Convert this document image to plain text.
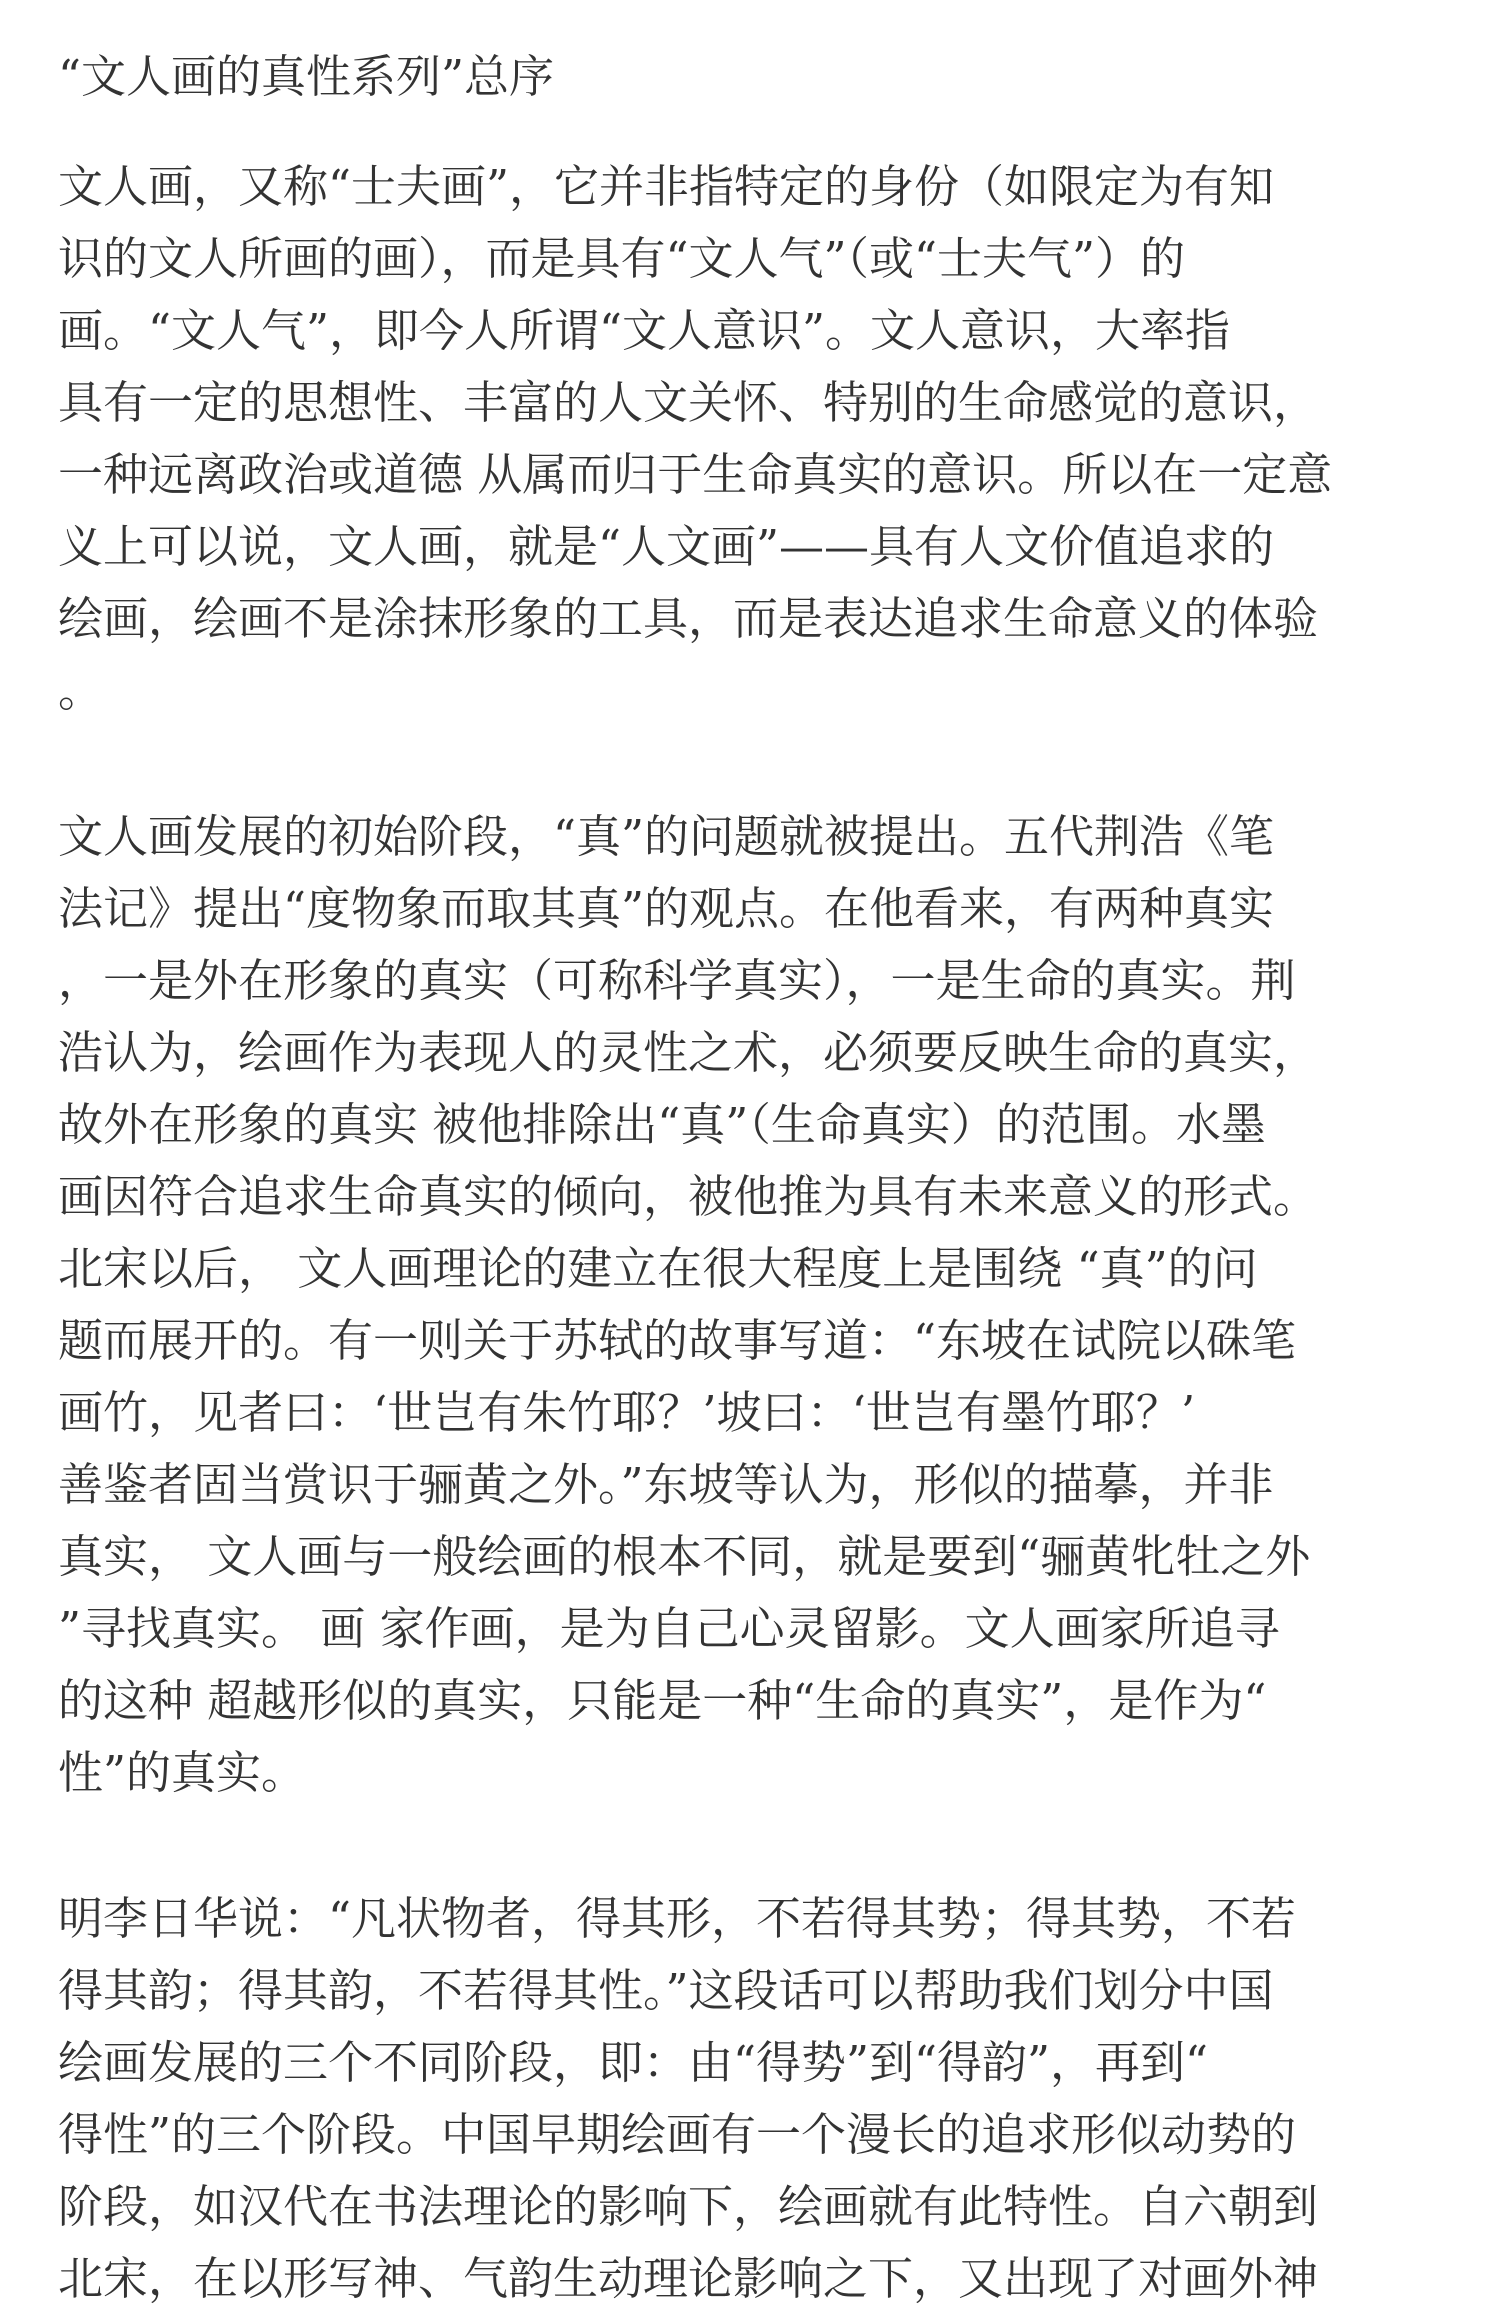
“文人画的真性系列”总序

文人画，又称“士夫画”，它并非指特定的身份（如限定为有知

识的文人所画的画），而是具有“文人气”（或“士夫气”）的

画。“文人气”，即今人所谓“文人意识”。文人意识，大率指

具有一定的思想性、丰富的人文关怀、特别的生命感觉的意识，

一种远离政治或道德 从属而归于生命真实的意识。所以在一定意

义上可以说，文人画，就是“人文画”——具有人文价值追求的

绘画，绘画不是涂抹形象的工具，而是表达追求生命意义的体验

。

文人画发展的初始阶段，“真”的问题就被提出。五代荆浩《笔

法记》提出“度物象而取其真”的观点。在他看来，有两种真实

，一是外在形象的真实（可称科学真实），一是生命的真实。荆

浩认为，绘画作为表现人的灵性之术，必须要反映生命的真实，

故外在形象的真实 被他排除出“真”（生命真实）的范围。水墨

画因符合追求生命真实的倾向，被他推为具有未来意义的形式。

北宋以后， 文人画理论的建立在很大程度上是围绕 “真”的问

题而展开的。有一则关于苏轼的故事写道：“东坡在试院以硃笔

画竹，见者曰：‘世岂有朱竹耶？’坡曰：‘世岂有墨竹耶？’

善鉴者固当赏识于骊黄之外。”东坡等认为，形似的描摹，并非

真实， 文人画与一般绘画的根本不同，就是要到“骊黄牝牡之外

”寻找真实。 画 家作画，是为自己心灵留影。文人画家所追寻

的这种 超越形似的真实，只能是一种“生命的真实”，是作为“

性”的真实。

明李日华说：“凡状物者，得其形，不若得其势；得其势，不若

得其韵；得其韵，不若得其性。”这段话可以帮助我们划分中国

绘画发展的三个不同阶段，即：由“得势”到“得韵”，再到“

得性”的三个阶段。中国早期绘画有一个漫长的追求形似动势的

阶段，如汉代在书法理论的影响下，绘画就有此特性。自六朝到

北宋，在以形写神、气韵生动理论影响之下，又出现了对画外神
